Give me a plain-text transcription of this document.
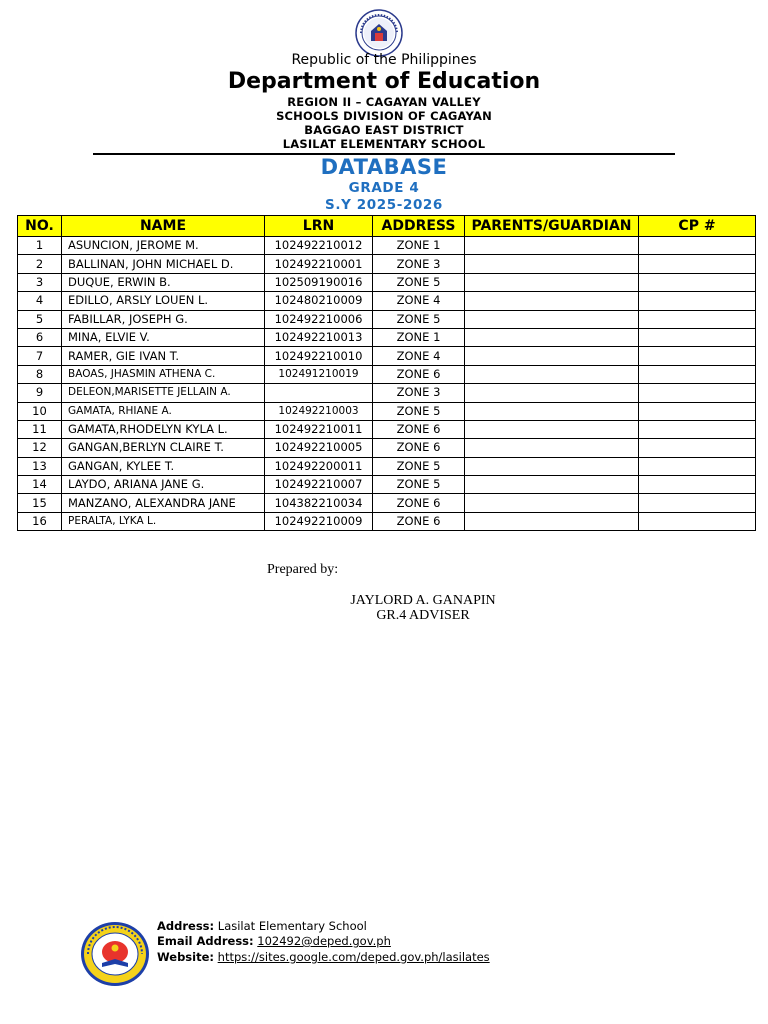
Republic of the Philippines
Department of Education
REGION II – CAGAYAN VALLEY
SCHOOLS DIVISION OF CAGAYAN
BAGGAO EAST DISTRICT
LASILAT ELEMENTARY SCHOOL
DATABASE
GRADE 4
S.Y 2025-2026
NO.	NAME	LRN	ADDRESS	PARENTS/GUARDIAN	CP #
1	ASUNCION, JEROME M.	102492210012	ZONE 1		
2	BALLINAN, JOHN MICHAEL D.	102492210001	ZONE 3		
3	DUQUE, ERWIN B.	102509190016	ZONE 5		
4	EDILLO, ARSLY LOUEN L.	102480210009	ZONE 4		
5	FABILLAR, JOSEPH G.	102492210006	ZONE 5		
6	MINA, ELVIE V.	102492210013	ZONE 1		
7	RAMER, GIE IVAN T.	102492210010	ZONE 4		
8	BAOAS, JHASMIN ATHENA C.	102491210019	ZONE 6		
9	DELEON,MARISETTE JELLAIN A.		ZONE 3		
10	GAMATA, RHIANE A.	102492210003	ZONE 5		
11	GAMATA,RHODELYN KYLA L.	102492210011	ZONE 6		
12	GANGAN,BERLYN CLAIRE T.	102492210005	ZONE 6		
13	GANGAN, KYLEE T.	102492200011	ZONE 5		
14	LAYDO, ARIANA JANE G.	102492210007	ZONE 5		
15	MANZANO, ALEXANDRA JANE	104382210034	ZONE 6		
16	PERALTA, LYKA L.	102492210009	ZONE 6		
Prepared by:
JAYLORD A. GANAPIN
GR.4 ADVISER
Address: Lasilat Elementary School
Email Address: 102492@deped.gov.ph
Website: https://sites.google.com/deped.gov.ph/lasilates
